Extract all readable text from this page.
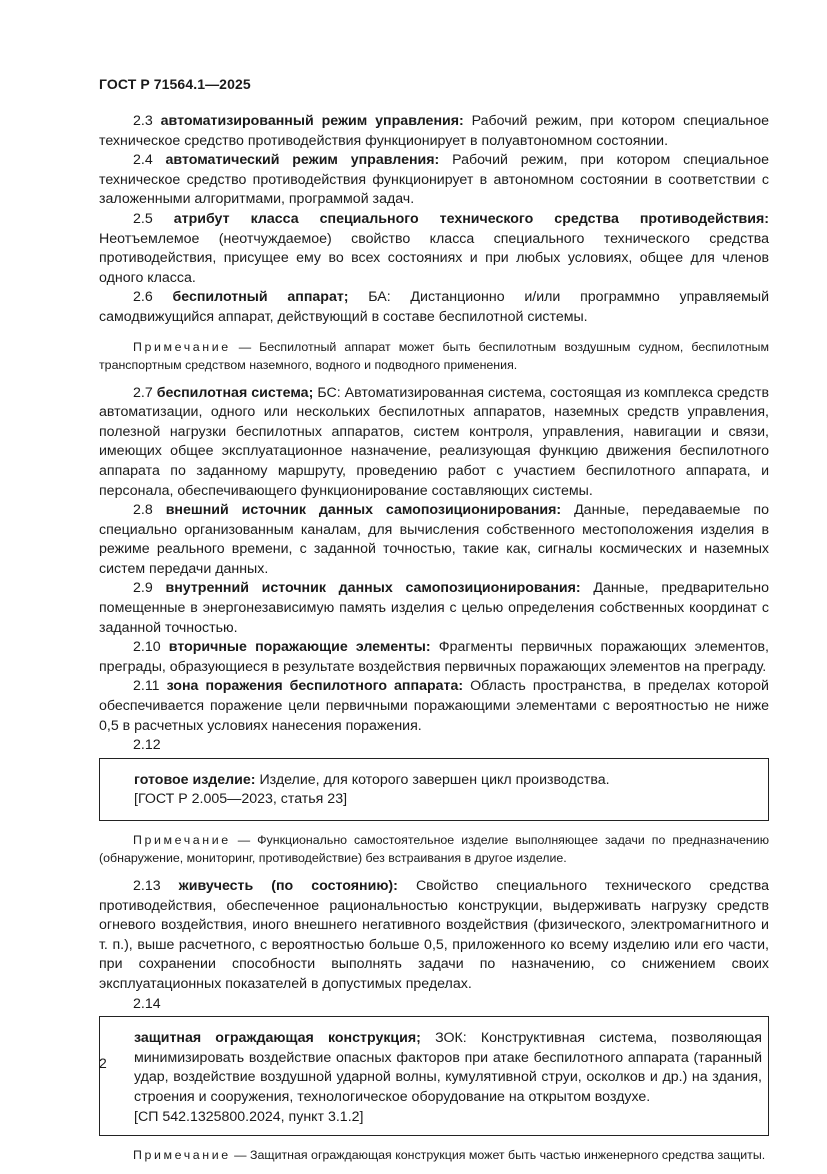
ГОСТ Р 71564.1—2025

2.3 автоматизированный режим управления: Рабочий режим, при котором специальное техническое средство противодействия функционирует в полуавтономном состоянии.

2.4 автоматический режим управления: Рабочий режим, при котором специальное техническое средство противодействия функционирует в автономном состоянии в соответствии с заложенными алгоритмами, программой задач.

2.5 атрибут класса специального технического средства противодействия: Неотъемлемое (неотчуждаемое) свойство класса специального технического средства противодействия, присущее ему во всех состояниях и при любых условиях, общее для членов одного класса.

2.6 беспилотный аппарат; БА: Дистанционно и/или программно управляемый самодвижущийся аппарат, действующий в составе беспилотной системы.

Примечание — Беспилотный аппарат может быть беспилотным воздушным судном, беспилотным транспортным средством наземного, водного и подводного применения.

2.7 беспилотная система; БС: Автоматизированная система, состоящая из комплекса средств автоматизации, одного или нескольких беспилотных аппаратов, наземных средств управления, полезной нагрузки беспилотных аппаратов, систем контроля, управления, навигации и связи, имеющих общее эксплуатационное назначение, реализующая функцию движения беспилотного аппарата по заданному маршруту, проведению работ с участием беспилотного аппарата, и персонала, обеспечивающего функционирование составляющих системы.

2.8 внешний источник данных самопозиционирования: Данные, передаваемые по специально организованным каналам, для вычисления собственного местоположения изделия в режиме реального времени, с заданной точностью, такие как, сигналы космических и наземных систем передачи данных.

2.9 внутренний источник данных самопозиционирования: Данные, предварительно помещенные в энергонезависимую память изделия с целью определения собственных координат с заданной точностью.

2.10 вторичные поражающие элементы: Фрагменты первичных поражающих элементов, преграды, образующиеся в результате воздействия первичных поражающих элементов на преграду.

2.11 зона поражения беспилотного аппарата: Область пространства, в пределах которой обеспечивается поражение цели первичными поражающими элементами с вероятностью не ниже 0,5 в расчетных условиях нанесения поражения.

2.12

готовое изделие: Изделие, для которого завершен цикл производства.

[ГОСТ Р 2.005—2023, статья 23]

Примечание — Функционально самостоятельное изделие выполняющее задачи по предназначению (обнаружение, мониторинг, противодействие) без встраивания в другое изделие.

2.13 живучесть (по состоянию): Свойство специального технического средства противодействия, обеспеченное рациональностью конструкции, выдерживать нагрузку средств огневого воздействия, иного внешнего негативного воздействия (физического, электромагнитного и т. п.), выше расчетного, с вероятностью больше 0,5, приложенного ко всему изделию или его части, при сохранении способности выполнять задачи по назначению, со снижением своих эксплуатационных показателей в допустимых пределах.

2.14

защитная ограждающая конструкция; ЗОК: Конструктивная система, позволяющая минимизировать воздействие опасных факторов при атаке беспилотного аппарата (таранный удар, воздействие воздушной ударной волны, кумулятивной струи, осколков и др.) на здания, строения и сооружения, технологическое оборудование на открытом воздухе.

[СП 542.1325800.2024, пункт 3.1.2]

Примечание — Защитная ограждающая конструкция может быть частью инженерного средства защиты.
2
